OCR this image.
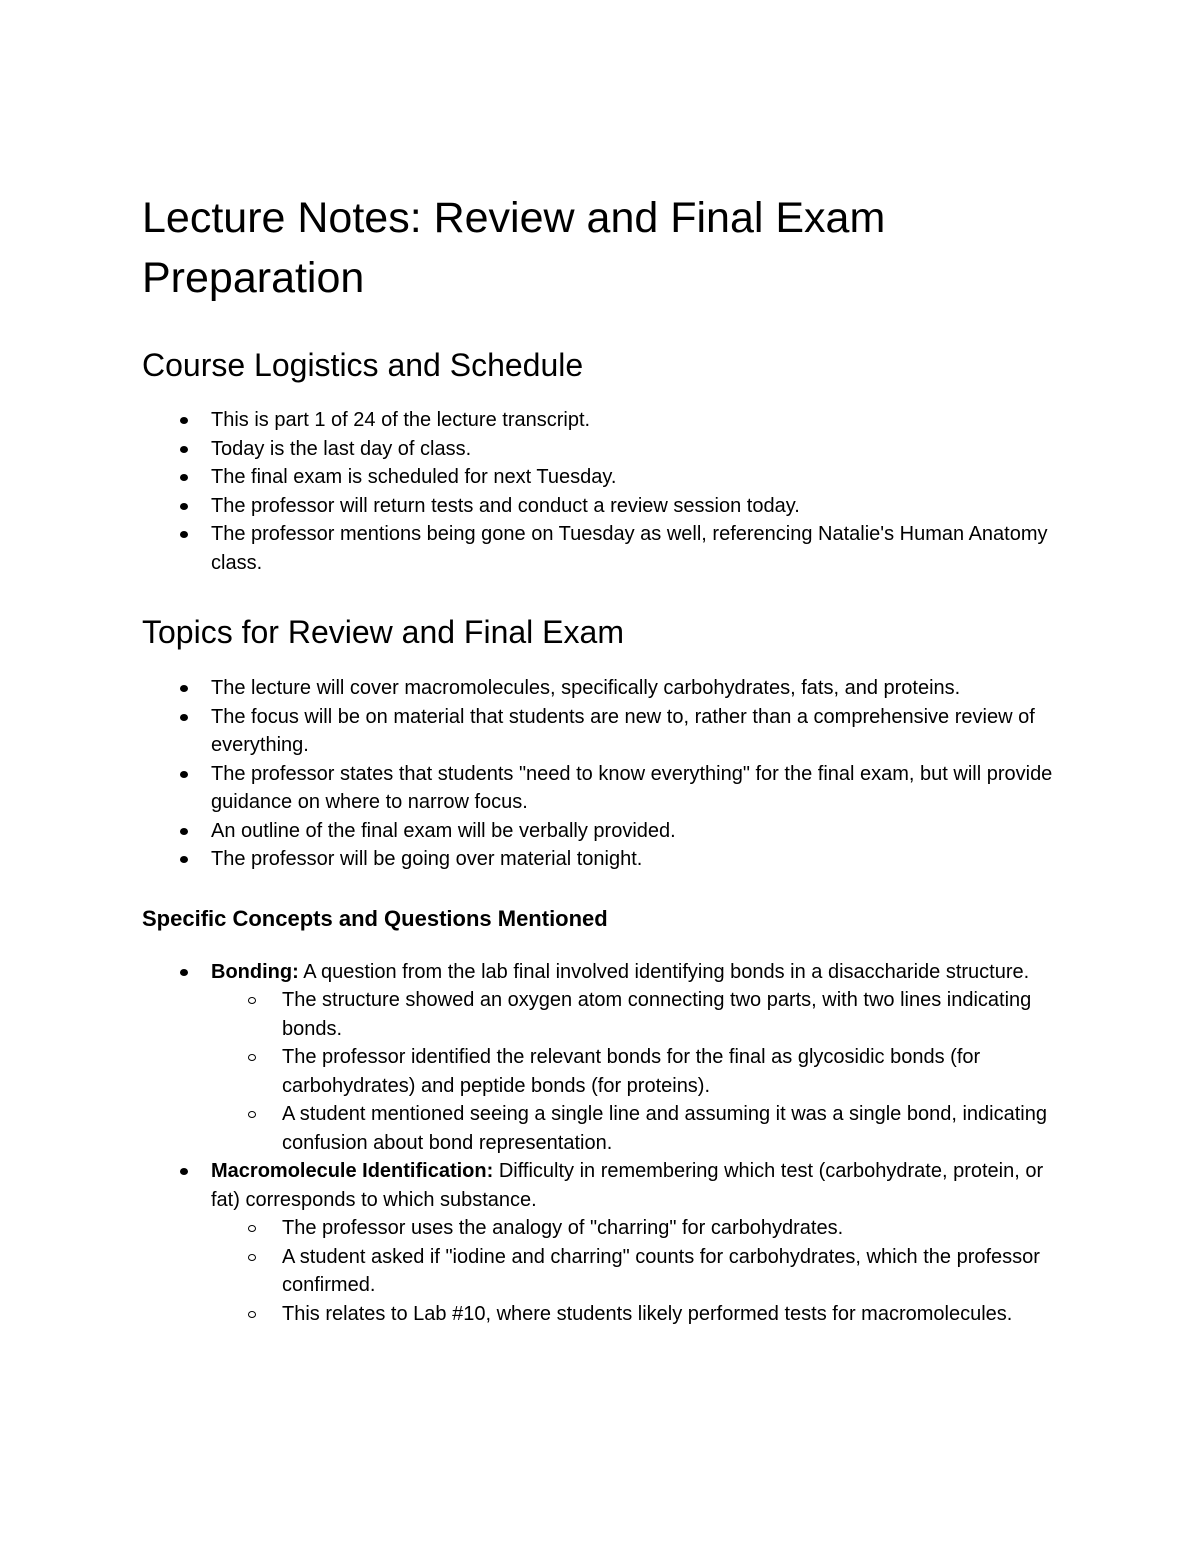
Lecture Notes: Review and Final Exam Preparation
Course Logistics and Schedule
This is part 1 of 24 of the lecture transcript.
Today is the last day of class.
The final exam is scheduled for next Tuesday.
The professor will return tests and conduct a review session today.
The professor mentions being gone on Tuesday as well, referencing Natalie's Human Anatomy class.
Topics for Review and Final Exam
The lecture will cover macromolecules, specifically carbohydrates, fats, and proteins.
The focus will be on material that students are new to, rather than a comprehensive review of everything.
The professor states that students "need to know everything" for the final exam, but will provide guidance on where to narrow focus.
An outline of the final exam will be verbally provided.
The professor will be going over material tonight.
Specific Concepts and Questions Mentioned
Bonding: A question from the lab final involved identifying bonds in a disaccharide structure.
The structure showed an oxygen atom connecting two parts, with two lines indicating bonds.
The professor identified the relevant bonds for the final as glycosidic bonds (for carbohydrates) and peptide bonds (for proteins).
A student mentioned seeing a single line and assuming it was a single bond, indicating confusion about bond representation.
Macromolecule Identification: Difficulty in remembering which test (carbohydrate, protein, or fat) corresponds to which substance.
The professor uses the analogy of "charring" for carbohydrates.
A student asked if "iodine and charring" counts for carbohydrates, which the professor confirmed.
This relates to Lab #10, where students likely performed tests for macromolecules.
